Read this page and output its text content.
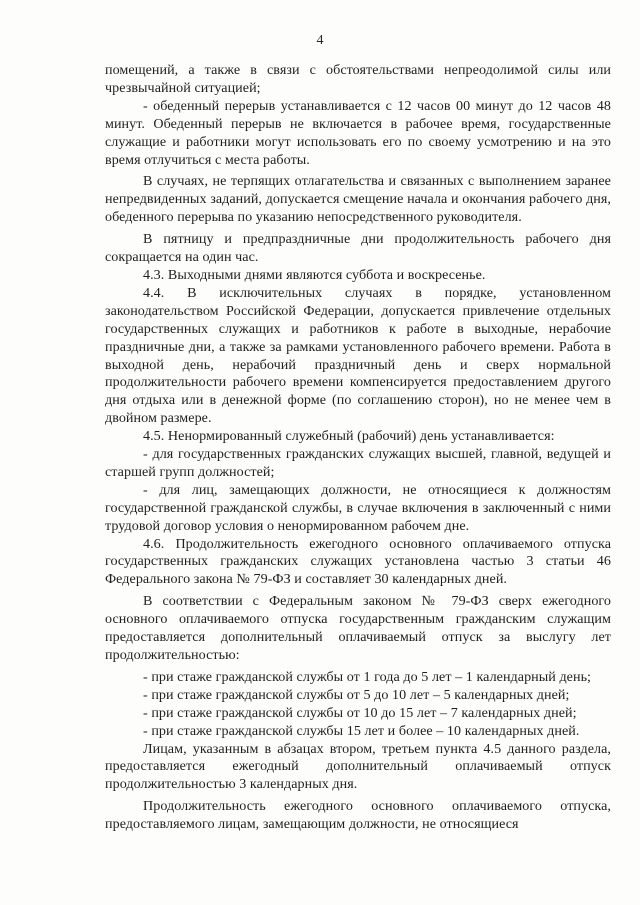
4

помещений, а также в связи с обстоятельствами непреодолимой силы или чрезвычайной ситуацией;

- обеденный перерыв устанавливается с 12 часов 00 минут до 12 часов 48 минут. Обеденный перерыв не включается в рабочее время, государственные служащие и работники могут использовать его по своему усмотрению и на это время отлучиться с места работы.

В случаях, не терпящих отлагательства и связанных с выполнением заранее непредвиденных заданий, допускается смещение начала и окончания рабочего дня, обеденного перерыва по указанию непосредственного руководителя.

В пятницу и предпраздничные дни продолжительность рабочего дня сокращается на один час.

4.3. Выходными днями являются суббота и воскресенье.

4.4. В исключительных случаях в порядке, установленном законодательством Российской Федерации, допускается привлечение отдельных государственных служащих и работников к работе в выходные, нерабочие праздничные дни, а также за рамками установленного рабочего времени. Работа в выходной день, нерабочий праздничный день и сверх нормальной продолжительности рабочего времени компенсируется предоставлением другого дня отдыха или в денежной форме (по соглашению сторон), но не менее чем в двойном размере.

4.5. Ненормированный служебный (рабочий) день устанавливается:

- для государственных гражданских служащих высшей, главной, ведущей и старшей групп должностей;

- для лиц, замещающих должности, не относящиеся к должностям государственной гражданской службы, в случае включения в заключенный с ними трудовой договор условия о ненормированном рабочем дне.

4.6. Продолжительность ежегодного основного оплачиваемого отпуска государственных гражданских служащих установлена частью 3 статьи 46 Федерального закона № 79-ФЗ и составляет 30 календарных дней.

В соответствии с Федеральным законом № 79-ФЗ сверх ежегодного основного оплачиваемого отпуска государственным гражданским служащим предоставляется дополнительный оплачиваемый отпуск за выслугу лет продолжительностью:

- при стаже гражданской службы от 1 года до 5 лет – 1 календарный день;

- при стаже гражданской службы от 5 до 10 лет – 5 календарных дней;

- при стаже гражданской службы от 10 до 15 лет – 7 календарных дней;

- при стаже гражданской службы 15 лет и более – 10 календарных дней.

Лицам, указанным в абзацах втором, третьем пункта 4.5 данного раздела, предоставляется ежегодный дополнительный оплачиваемый отпуск продолжительностью 3 календарных дня.

Продолжительность ежегодного основного оплачиваемого отпуска, предоставляемого лицам, замещающим должности, не относящиеся
